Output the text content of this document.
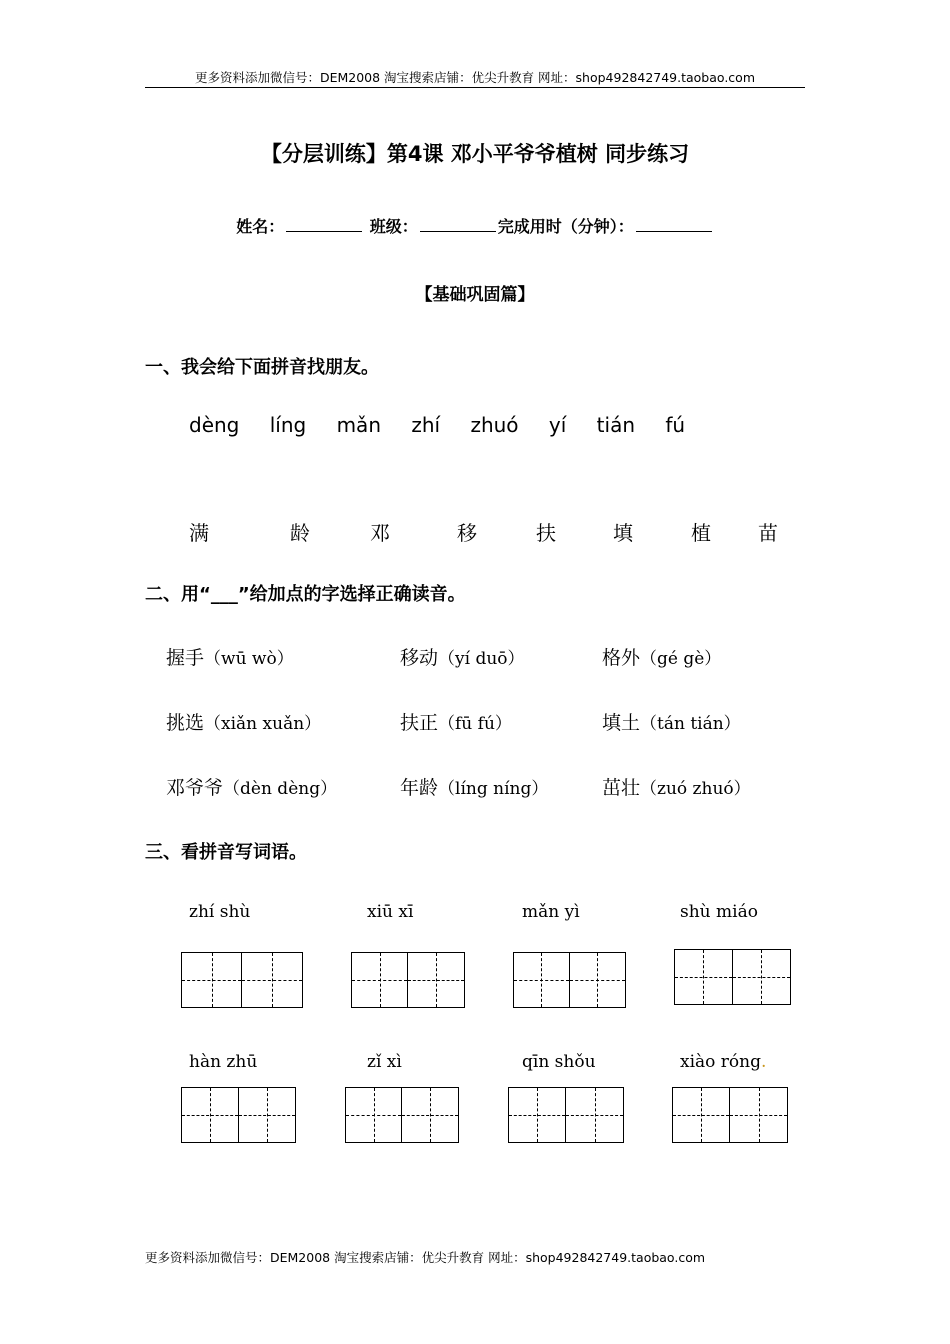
更多资料添加微信号：DEM2008 淘宝搜索店铺：优尖升教育 网址：shop492842749.taobao.com
【分层训练】第4课 邓小平爷爷植树 同步练习
姓名：	班级：	完成用时（分钟）：
【基础巩固篇】
一、我会给下面拼音找朋友。
dèng líng mǎn zhí zhuó yí tián fú
满	龄	邓	移	扶	填	植 苗
二、用“___”给加点的字选择正确读音。
握手（wū wò）	移动（yí duō）	格外（gé gè）
挑选（xiǎn xuǎn）	扶正（fū fú）	填土（tán tián）
邓爷爷（dèn dèng）	年龄（líng níng）	茁壮（zuó zhuó）
三、看拼音写词语。
zhí shù	xiū xī	mǎn yì	shù miáo
hàn zhū	zǐ xì	qīn shǒu	xiào róng.
更多资料添加微信号：DEM2008 淘宝搜索店铺：优尖升教育 网址：shop492842749.taobao.com
